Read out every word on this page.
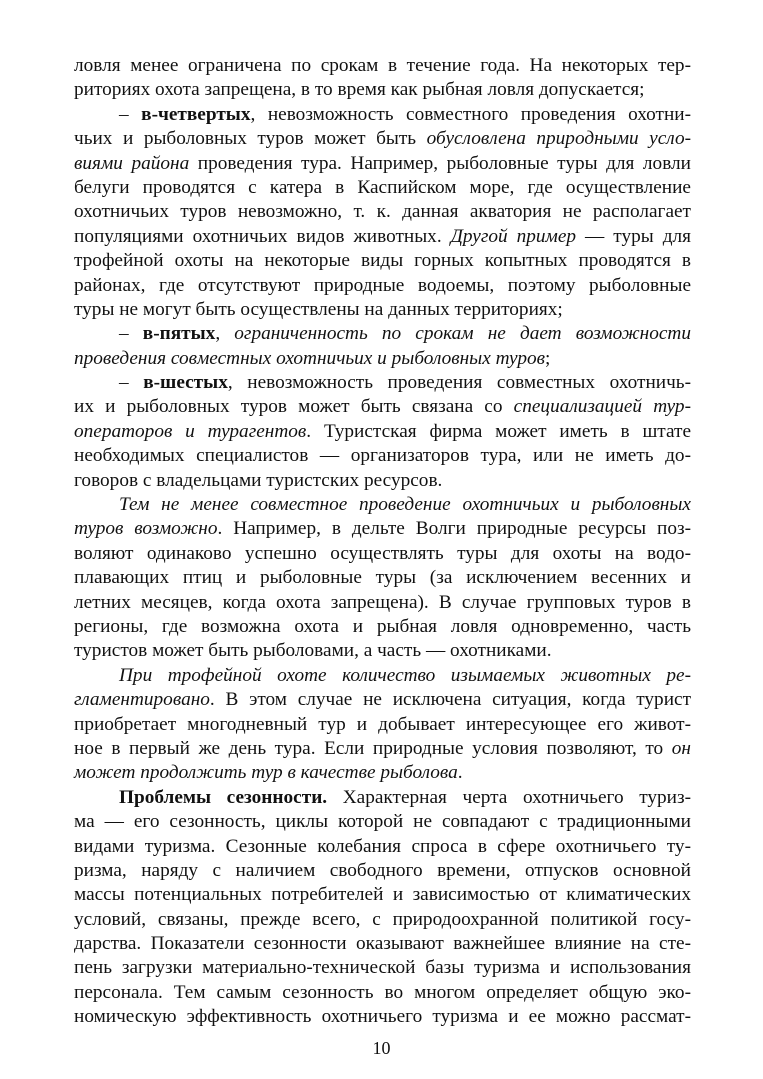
ловля менее ограничена по срокам в течение года. На некоторых тер-
риториях охота запрещена, в то время как рыбная ловля допускается;
– в-четвертых, невозможность совместного проведения охотни-
чьих и рыболовных туров может быть обусловлена природными усло-
виями района проведения тура. Например, рыболовные туры для ловли
белуги проводятся с катера в Каспийском море, где осуществление
охотничьих туров невозможно, т. к. данная акватория не располагает
популяциями охотничьих видов животных. Другой пример — туры для
трофейной охоты на некоторые виды горных копытных проводятся в
районах, где отсутствуют природные водоемы, поэтому рыболовные
туры не могут быть осуществлены на данных территориях;
– в-пятых, ограниченность по срокам не дает возможности
проведения совместных охотничьих и рыболовных туров;
– в-шестых, невозможность проведения совместных охотничь-
их и рыболовных туров может быть связана со специализацией тур-
операторов и турагентов. Туристская фирма может иметь в штате
необходимых специалистов — организаторов тура, или не иметь до-
говоров с владельцами туристских ресурсов.
Тем не менее совместное проведение охотничьих и рыболовных
туров возможно. Например, в дельте Волги природные ресурсы поз-
воляют одинаково успешно осуществлять туры для охоты на водо-
плавающих птиц и рыболовные туры (за исключением весенних и
летних месяцев, когда охота запрещена). В случае групповых туров в
регионы, где возможна охота и рыбная ловля одновременно, часть
туристов может быть рыболовами, а часть — охотниками.
При трофейной охоте количество изымаемых животных ре-
гламентировано. В этом случае не исключена ситуация, когда турист
приобретает многодневный тур и добывает интересующее его живот-
ное в первый же день тура. Если природные условия позволяют, то он
может продолжить тур в качестве рыболова.
Проблемы сезонности. Характерная черта охотничьего туриз-
ма — его сезонность, циклы которой не совпадают с традиционными
видами туризма. Сезонные колебания спроса в сфере охотничьего ту-
ризма, наряду с наличием свободного времени, отпусков основной
массы потенциальных потребителей и зависимостью от климатических
условий, связаны, прежде всего, с природоохранной политикой госу-
дарства. Показатели сезонности оказывают важнейшее влияние на сте-
пень загрузки материально-технической базы туризма и использования
персонала. Тем самым сезонность во многом определяет общую эко-
номическую эффективность охотничьего туризма и ее можно рассмат-
10
